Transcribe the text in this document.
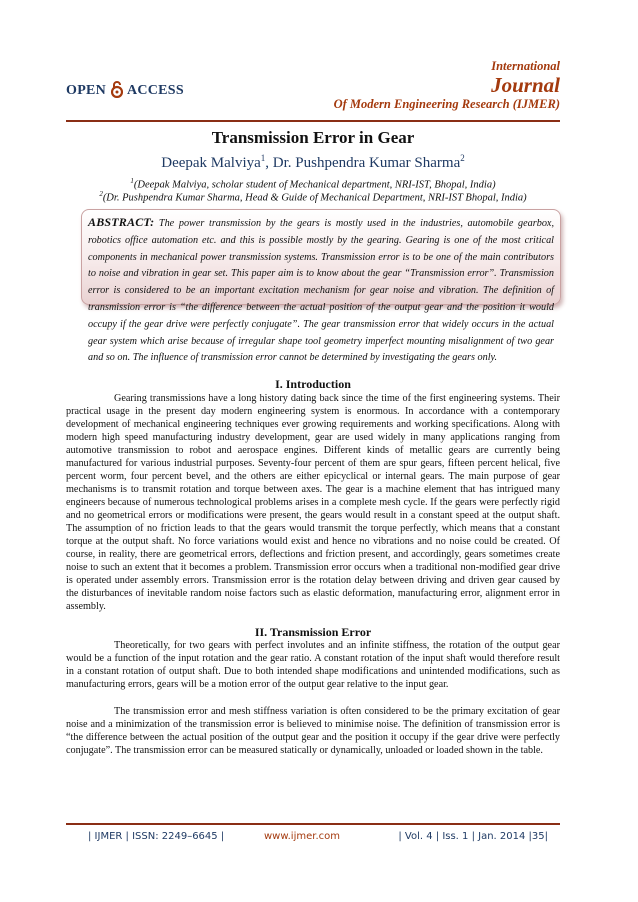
OPEN ACCESS
International
Journal
Of Modern Engineering Research (IJMER)
Transmission Error in Gear
Deepak Malviya$^1$, Dr. Pushpendra Kumar Sharma$^2$
$^1$(Deepak Malviya, scholar student of Mechanical department, NRI-IST, Bhopal, India)
$^2$(Dr. Pushpendra Kumar Sharma, Head & Guide of Mechanical Department, NRI-IST Bhopal, India)
ABSTRACT: The power transmission by the gears is mostly used in the industries, automobile gearbox, robotics office automation etc. and this is possible mostly by the gearing. Gearing is one of the most critical components in mechanical power transmission systems. Transmission error is to be one of the main contributors to noise and vibration in gear set. This paper aim is to know about the gear “Transmission error”. Transmission error is considered to be an important excitation mechanism for gear noise and vibration. The definition of transmission error is “the difference between the actual position of the output gear and the position it would occupy if the gear drive were perfectly conjugate”. The gear transmission error that widely occurs in the actual gear system which arise because of irregular shape tool geometry imperfect mounting misalignment of two gear and so on. The influence of transmission error cannot be determined by investigating the gears only.
I. Introduction
Gearing transmissions have a long history dating back since the time of the first engineering systems. Their practical usage in the present day modern engineering system is enormous. In accordance with a contemporary development of mechanical engineering techniques ever growing requirements and working specifications. Along with modern high speed manufacturing industry development, gear are used widely in many applications ranging from automotive transmission to robot and aerospace engines. Different kinds of metallic gears are currently being manufactured for various industrial purposes. Seventy-four percent of them are spur gears, fifteen percent helical, five percent worm, four percent bevel, and the others are either epicyclical or internal gears. The main purpose of gear mechanisms is to transmit rotation and torque between axes. The gear is a machine element that has intrigued many engineers because of numerous technological problems arises in a complete mesh cycle. If the gears were perfectly rigid and no geometrical errors or modifications were present, the gears would result in a constant speed at the output shaft. The assumption of no friction leads to that the gears would transmit the torque perfectly, which means that a constant torque at the output shaft. No force variations would exist and hence no vibrations and no noise could be created. Of course, in reality, there are geometrical errors, deflections and friction present, and accordingly, gears sometimes create noise to such an extent that it becomes a problem. Transmission error occurs when a traditional non-modified gear drive is operated under assembly errors. Transmission error is the rotation delay between driving and driven gear caused by the disturbances of inevitable random noise factors such as elastic deformation, manufacturing error, alignment error in assembly.
II. Transmission Error
Theoretically, for two gears with perfect involutes and an infinite stiffness, the rotation of the output gear would be a function of the input rotation and the gear ratio. A constant rotation of the input shaft would therefore result in a constant rotation of output shaft. Due to both intended shape modifications and unintended modifications, such as manufacturing errors, gears will be a motion error of the output gear relative to the input gear.
The transmission error and mesh stiffness variation is often considered to be the primary excitation of gear noise and a minimization of the transmission error is believed to minimise noise. The definition of transmission error is “the difference between the actual position of the output gear and the position it occupy if the gear drive were perfectly conjugate”. The transmission error can be measured statically or dynamically, unloaded or loaded shown in the table.
| IJMER | ISSN: 2249–6645 |	www.ijmer.com	| Vol. 4 | Iss. 1 | Jan. 2014 |35|
